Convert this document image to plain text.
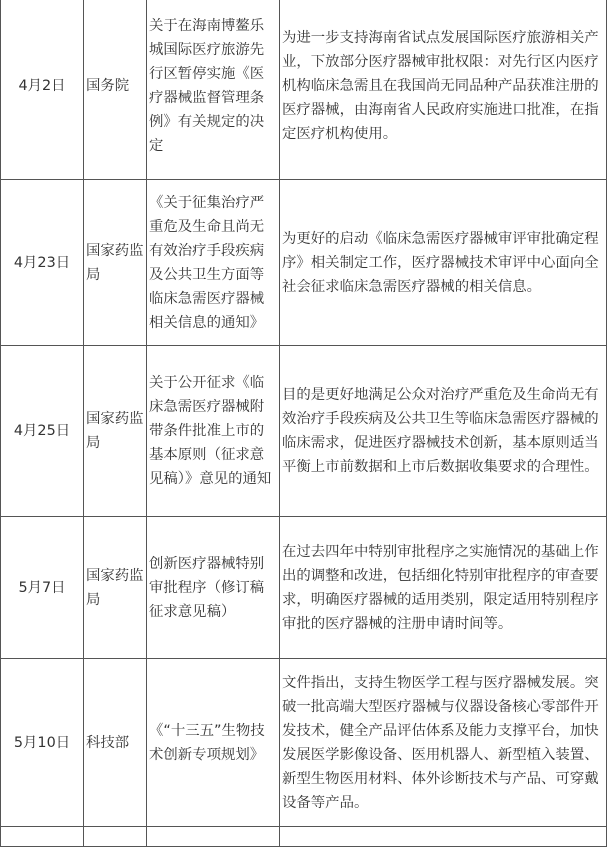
4月2日	国务院	关于在海南博鳌乐城国际医疗旅游先行区暂停实施《医疗器械监督管理条例》有关规定的决定	为进一步支持海南省试点发展国际医疗旅游相关产业，下放部分医疗器械审批权限：对先行区内医疗机构临床急需且在我国尚无同品种产品获准注册的医疗器械，由海南省人民政府实施进口批准，在指定医疗机构使用。
4月23日	国家药监局	《关于征集治疗严重危及生命且尚无有效治疗手段疾病及公共卫生方面等临床急需医疗器械相关信息的通知》	为更好的启动《临床急需医疗器械审评审批确定程序》相关制定工作，医疗器械技术审评中心面向全社会征求临床急需医疗器械的相关信息。
4月25日	国家药监局	关于公开征求《临床急需医疗器械附带条件批准上市的基本原则（征求意见稿）》意见的通知	目的是更好地满足公众对治疗严重危及生命尚无有效治疗手段疾病及公共卫生等临床急需医疗器械的临床需求，促进医疗器械技术创新，基本原则适当平衡上市前数据和上市后数据收集要求的合理性。
5月7日	国家药监局	创新医疗器械特别审批程序（修订稿征求意见稿）	在过去四年中特别审批程序之实施情况的基础上作出的调整和改进，包括细化特别审批程序的审查要求，明确医疗器械的适用类别，限定适用特别程序审批的医疗器械的注册申请时间等。
5月10日	科技部	《“十三五”生物技术创新专项规划》	文件指出，支持生物医学工程与医疗器械发展。突破一批高端大型医疗器械与仪器设备核心零部件开发技术，健全产品评估体系及能力支撑平台，加快发展医学影像设备、医用机器人、新型植入装置、新型生物医用材料、体外诊断技术与产品、可穿戴设备等产品。
